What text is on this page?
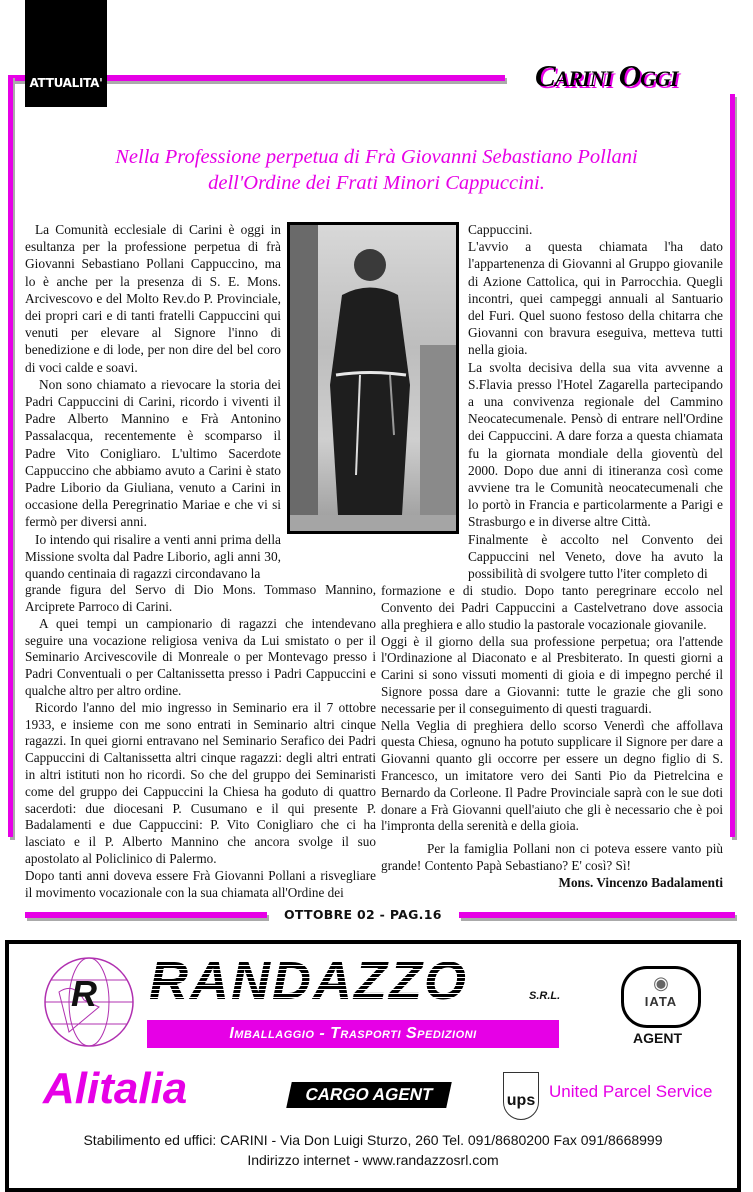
ATTUALITA'	Carini Oggi
Nella Professione perpetua di Frà Giovanni Sebastiano Pollani
dell'Ordine dei Frati Minori Cappuccini.

La Comunità ecclesiale di Carini è oggi in esultanza per la professione perpetua di frà Giovanni Sebastiano Pollani Cappuccino, ma lo è anche per la presenza di S. E. Mons. Arcivescovo e del Molto Rev.do P. Provinciale, dei propri cari e di tanti fratelli Cappuccini qui venuti per elevare al Signore l'inno di benedizione e di lode, per non dire del bel coro di voci calde e soavi.

Non sono chiamato a rievocare la storia dei Padri Cappuccini di Carini, ricordo i viventi il Padre Alberto Mannino e Frà Antonino Passalacqua, recentemente è scomparso il Padre Vito Conigliaro. L'ultimo Sacerdote Cappuccino che abbiamo avuto a Carini è stato Padre Liborio da Giuliana, venuto a Carini in occasione della Peregrinatio Mariae e che vi si fermò per diversi anni.

Io intendo qui risalire a venti anni prima della Missione svolta dal Padre Liborio, agli anni 30, quando centinaia di ragazzi circondavano la

grande figura del Servo di Dio Mons. Tommaso Mannino, Arciprete Parroco di Carini.

A quei tempi un campionario di ragazzi che intendevano seguire una vocazione religiosa veniva da Lui smistato o per il Seminario Arcivescovile di Monreale o per Montevago presso i Padri Conventuali o per Caltanissetta presso i Padri Cappuccini e qualche altro per altro ordine.

Ricordo l'anno del mio ingresso in Seminario era il 7 ottobre 1933, e insieme con me sono entrati in Seminario altri cinque ragazzi. In quei giorni entravano nel Seminario Serafico dei Padri Cappuccini di Caltanissetta altri cinque ragazzi: degli altri entrati in altri istituti non ho ricordi. So che del gruppo dei Seminaristi come del gruppo dei Cappuccini la Chiesa ha goduto di quattro sacerdoti: due diocesani P. Cusumano e il qui presente P. Badalamenti e due Cappuccini: P. Vito Conigliaro che ci ha lasciato e il P. Alberto Mannino che ancora svolge il suo apostolato al Policlinico di Palermo.

Dopo tanti anni doveva essere Frà Giovanni Pollani a risvegliare il movimento vocazionale con la sua chiamata all'Ordine dei

Cappuccini.

L'avvio a questa chiamata l'ha dato l'appartenenza di Giovanni al Gruppo giovanile di Azione Cattolica, qui in Parrocchia. Quegli incontri, quei campeggi annuali al Santuario del Furi. Quel suono festoso della chitarra che Giovanni con bravura eseguiva, metteva tutti nella gioia.

La svolta decisiva della sua vita avvenne a S.Flavia presso l'Hotel Zagarella partecipando a una convivenza regionale del Cammino Neocatecumenale. Pensò di entrare nell'Ordine dei Cappuccini. A dare forza a questa chiamata fu la giornata mondiale della gioventù del 2000. Dopo due anni di itineranza così come avviene tra le Comunità neocatecumenali che lo portò in Francia e particolarmente a Parigi e Strasburgo e in diverse altre Città.

Finalmente è accolto nel Convento dei Cappuccini nel Veneto, dove ha avuto la possibilità di svolgere tutto l'iter completo di

formazione e di studio. Dopo tanto peregrinare eccolo nel Convento dei Padri Cappuccini a Castelvetrano dove associa alla preghiera e allo studio la pastorale vocazionale giovanile.

Oggi è il giorno della sua professione perpetua; ora l'attende l'Ordinazione al Diaconato e al Presbiterato. In questi giorni a Carini si sono vissuti momenti di gioia e di impegno perché il Signore possa dare a Giovanni: tutte le grazie che gli sono necessarie per il conseguimento di questi traguardi.

Nella Veglia di preghiera dello scorso Venerdì che affollava questa Chiesa, ognuno ha potuto supplicare il Signore per dare a Giovanni quanto gli occorre per essere un degno figlio di S. Francesco, un imitatore vero dei Santi Pio da Pietrelcina e Bernardo da Corleone. Il Padre Provinciale saprà con le sue doti donare a Frà Giovanni quell'aiuto che gli è necessario che è poi l'impronta della serenità e della gioia.

Per la famiglia Pollani non ci poteva essere vanto più grande! Contento Papà Sebastiano? E' così? Sì!

Mons. Vincenzo Badalamenti

OTTOBRE 02 - PAG.16
R RANDAZZO	S.R.L.
Imballaggio - Trasporti Spedizioni
◉
IATA
AGENT
Alitalia	CARGO AGENT	ups United Parcel Service
Stabilimento ed uffici: CARINI - Via Don Luigi Sturzo, 260 Tel. 091/8680200 Fax 091/8668999
Indirizzo internet - www.randazzosrl.com
